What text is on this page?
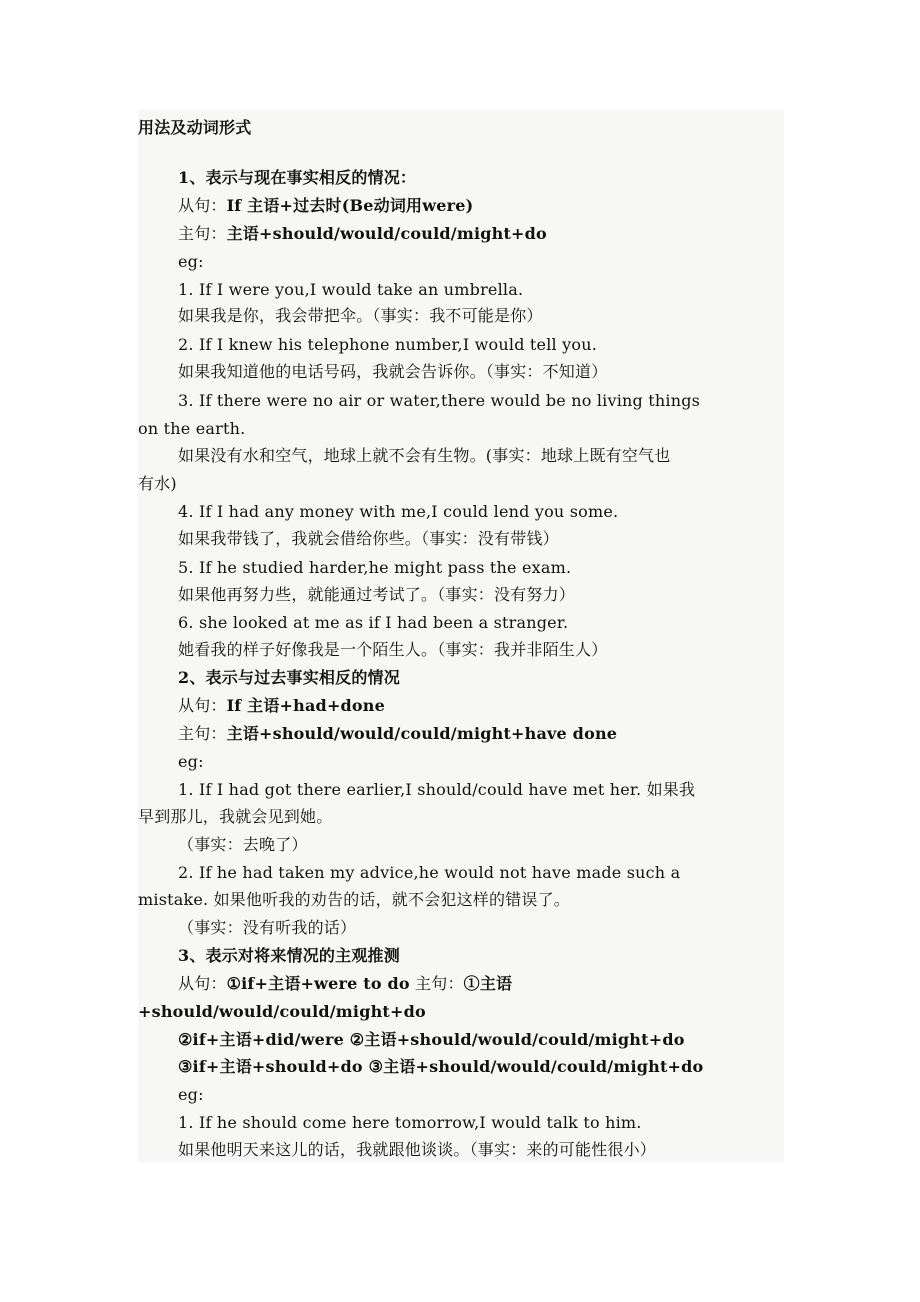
用法及动词形式
1、表示与现在事实相反的情况：
从句：If 主语+过去时(Be动词用were)
主句：主语+should/would/could/might+do
eg:
1. If I were you,I would take an umbrella.
如果我是你，我会带把伞。（事实：我不可能是你）
2. If I knew his telephone number,I would tell you.
如果我知道他的电话号码，我就会告诉你。（事实：不知道）
3. If there were no air or water,there would be no living things
on the earth.
如果没有水和空气，地球上就不会有生物。(事实：地球上既有空气也
有水)
4. If I had any money with me,I could lend you some.
如果我带钱了，我就会借给你些。（事实：没有带钱）
5. If he studied harder,he might pass the exam.
如果他再努力些，就能通过考试了。（事实：没有努力）
6. she looked at me as if I had been a stranger.
她看我的样子好像我是一个陌生人。（事实：我并非陌生人）
2、表示与过去事实相反的情况
从句：If 主语+had+done
主句：主语+should/would/could/might+have done
eg:
1. If I had got there earlier,I should/could have met her. 如果我
早到那儿，我就会见到她。
（事实：去晚了）
2. If he had taken my advice,he would not have made such a
mistake. 如果他听我的劝告的话，就不会犯这样的错误了。
（事实：没有听我的话）
3、表示对将来情况的主观推测
从句：①if+主语+were to do 主句：①主语
+should/would/could/might+do
②if+主语+did/were ②主语+should/would/could/might+do
③if+主语+should+do ③主语+should/would/could/might+do
eg:
1. If he should come here tomorrow,I would talk to him.
如果他明天来这儿的话，我就跟他谈谈。（事实：来的可能性很小）
